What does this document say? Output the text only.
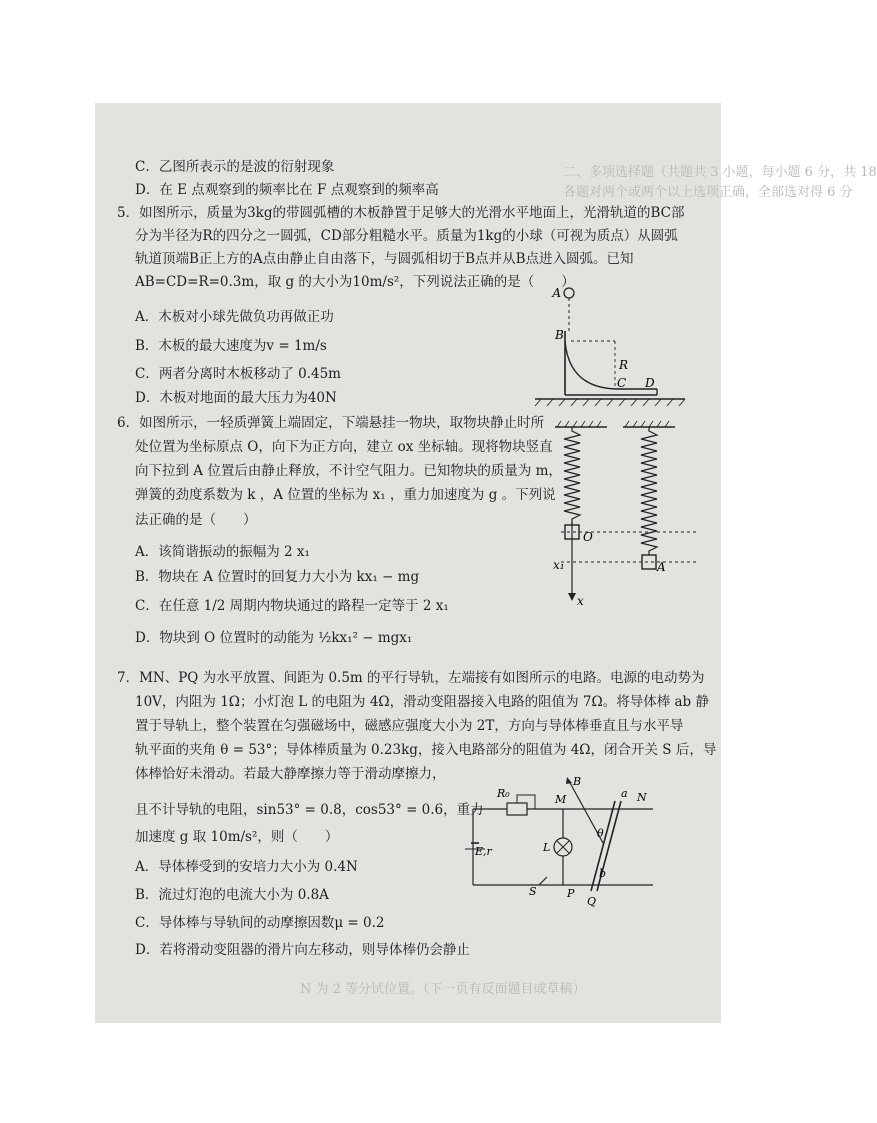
二、多项选择题（共题共 3 小题，每小题 6 分，共 18
各题对两个或两个以上选项正确，全部选对得 6 分
N 为 2 等分试位置。（下一页有反面题目或草稿）
C．乙图所表示的是波的衍射现象
D．在 E 点观察到的频率比在 F 点观察到的频率高
5．如图所示，质量为3kg的带圆弧槽的木板静置于足够大的光滑水平地面上，光滑轨道的BC部
分为半径为R的四分之一圆弧，CD部分粗糙水平。质量为1kg的小球（可视为质点）从圆弧
轨道顶端B正上方的A点由静止自由落下，与圆弧相切于B点并从B点进入圆弧。已知
AB=CD=R=0.3m，取 g 的大小为10m/s²，下列说法正确的是（　　）
A．木板对小球先做负功再做正功
B．木板的最大速度为v = 1m/s
C．两者分离时木板移动了 0.45m
D．木板对地面的最大压力为40N
6．如图所示，一轻质弹簧上端固定，下端悬挂一物块，取物块静止时所
处位置为坐标原点 O，向下为正方向，建立 ox 坐标轴。现将物块竖直
向下拉到 A 位置后由静止释放，不计空气阻力。已知物块的质量为 m，
弹簧的劲度系数为 k ，A 位置的坐标为 x₁ ，重力加速度为 g 。下列说
法正确的是（　　）
A．该简谐振动的振幅为 2 x₁
B．物块在 A 位置时的回复力大小为 kx₁ − mg
C．在任意 1/2 周期内物块通过的路程一定等于 2 x₁
D．物块到 O 位置时的动能为 ½kx₁² − mgx₁
7．MN、PQ 为水平放置、间距为 0.5m 的平行导轨，左端接有如图所示的电路。电源的电动势为
10V，内阻为 1Ω；小灯泡 L 的电阻为 4Ω，滑动变阻器接入电路的阻值为 7Ω。将导体棒 ab 静
置于导轨上，整个装置在匀强磁场中，磁感应强度大小为 2T，方向与导体棒垂直且与水平导
轨平面的夹角 θ = 53°；导体棒质量为 0.23kg，接入电路部分的阻值为 4Ω，闭合开关 S 后，导
体棒恰好未滑动。若最大静摩擦力等于滑动摩擦力，
且不计导轨的电阻，sin53° = 0.8，cos53° = 0.6，重力
加速度 g 取 10m/s²，则（　　）
A．导体棒受到的安培力大小为 0.4N
B．流过灯泡的电流大小为 0.8A
C．导体棒与导轨间的动摩擦因数μ = 0.2
D．若将滑动变阻器的滑片向左移动，则导体棒仍会静止
A
B
R
C D
O
A
x₁
x
R₀	M
B
a N
θ
L
E,r
b
S	P
Q
